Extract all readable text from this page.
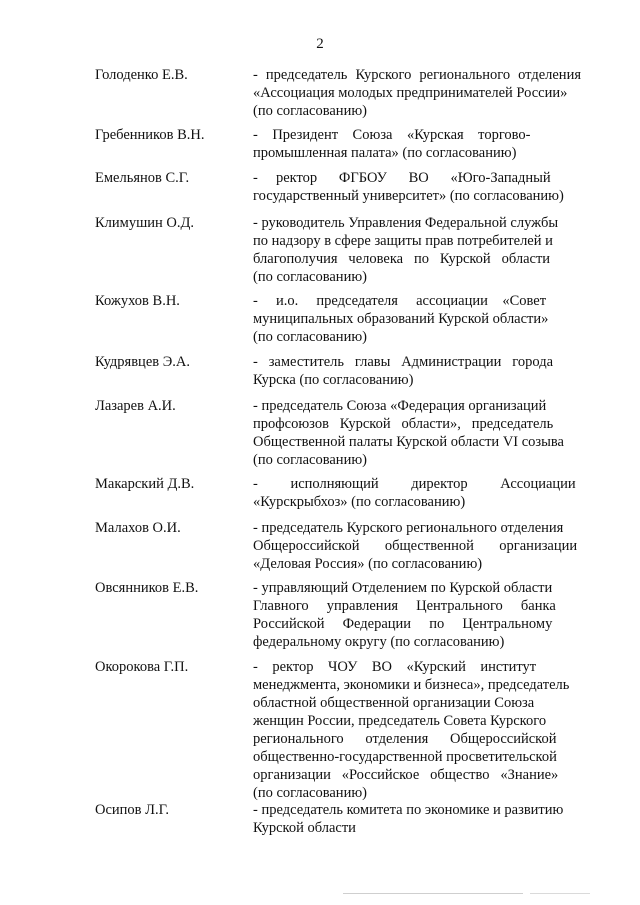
2
Голоденко Е.В.	- председатель Курского регионального отделения
«Ассоциация молодых предпринимателей России»
(по согласованию)
Гребенников В.Н.	-    Президент    Союза    «Курская    торгово-
промышленная палата» (по согласованию)
Емельянов С.Г.	-     ректор      ФГБОУ      ВО      «Юго-Западный
государственный университет» (по согласованию)
Климушин О.Д.	- руководитель Управления Федеральной службы
по надзору в сфере защиты прав потребителей и
благополучия   человека   по   Курской   области
(по согласованию)
Кожухов В.Н.	-     и.о.     председателя     ассоциации    «Совет
муниципальных образований Курской области»
(по согласованию)
Кудрявцев Э.А.	-   заместитель   главы   Администрации   города
Курска (по согласованию)
Лазарев А.И.	- председатель Союза «Федерация организаций
профсоюзов   Курской   области»,   председатель
Общественной палаты Курской области VI созыва
(по согласованию)
Макарский Д.В.	-         исполняющий         директор         Ассоциации
«Курскрыбхоз» (по согласованию)
Малахов О.И.	- председатель Курского регионального отделения
Общероссийской       общественной       организации
«Деловая Россия» (по согласованию)
Овсянников Е.В.	- управляющий Отделением по Курской области
Главного     управления     Центрального     банка
Российской     Федерации     по     Центральному
федеральному округу (по согласованию)
Окорокова Г.П.	-    ректор    ЧОУ    ВО    «Курский    институт
менеджмента, экономики и бизнеса», председатель
областной общественной организации Союза
женщин России, председатель Совета Курского
регионального      отделения      Общероссийской
общественно-государственной просветительской
организации   «Российское   общество   «Знание»
(по согласованию)
Осипов Л.Г.	- председатель комитета по экономике и развитию
Курской области
